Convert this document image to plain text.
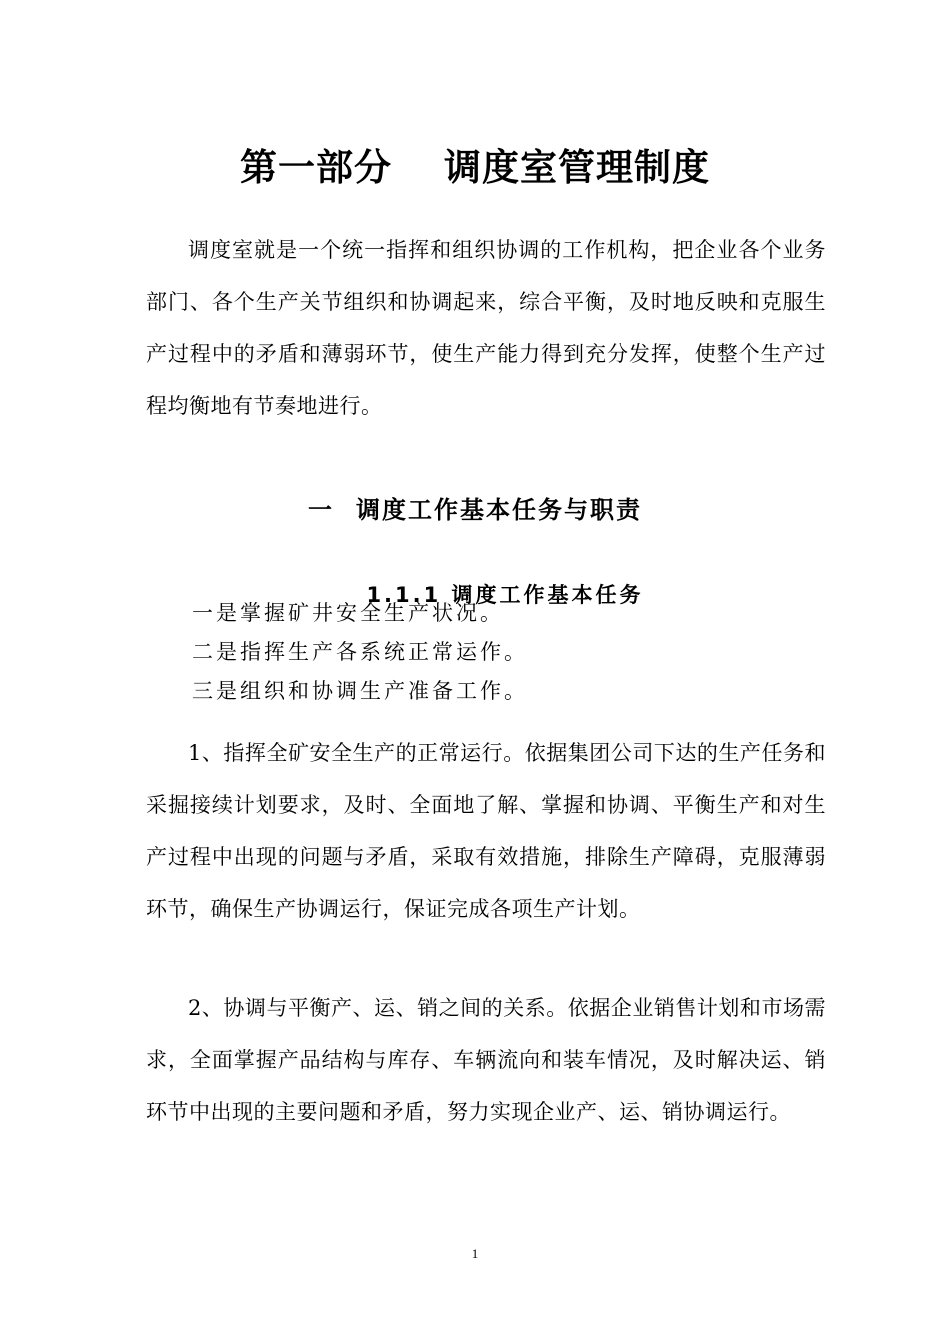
第一部分 调度室管理制度

调度室就是一个统一指挥和组织协调的工作机构，把企业各个业务部门、各个生产关节组织和协调起来，综合平衡，及时地反映和克服生产过程中的矛盾和薄弱环节，使生产能力得到充分发挥，使整个生产过程均衡地有节奏地进行。

一 调度工作基本任务与职责
1.1.1 调度工作基本任务
一是掌握矿井安全生产状况。
二是指挥生产各系统正常运作。
三是组织和协调生产准备工作。

1、指挥全矿安全生产的正常运行。依据集团公司下达的生产任务和采掘接续计划要求，及时、全面地了解、掌握和协调、平衡生产和对生产过程中出现的问题与矛盾，采取有效措施，排除生产障碍，克服薄弱环节，确保生产协调运行，保证完成各项生产计划。

2、协调与平衡产、运、销之间的关系。依据企业销售计划和市场需求，全面掌握产品结构与库存、车辆流向和装车情况，及时解决运、销环节中出现的主要问题和矛盾，努力实现企业产、运、销协调运行。

1
